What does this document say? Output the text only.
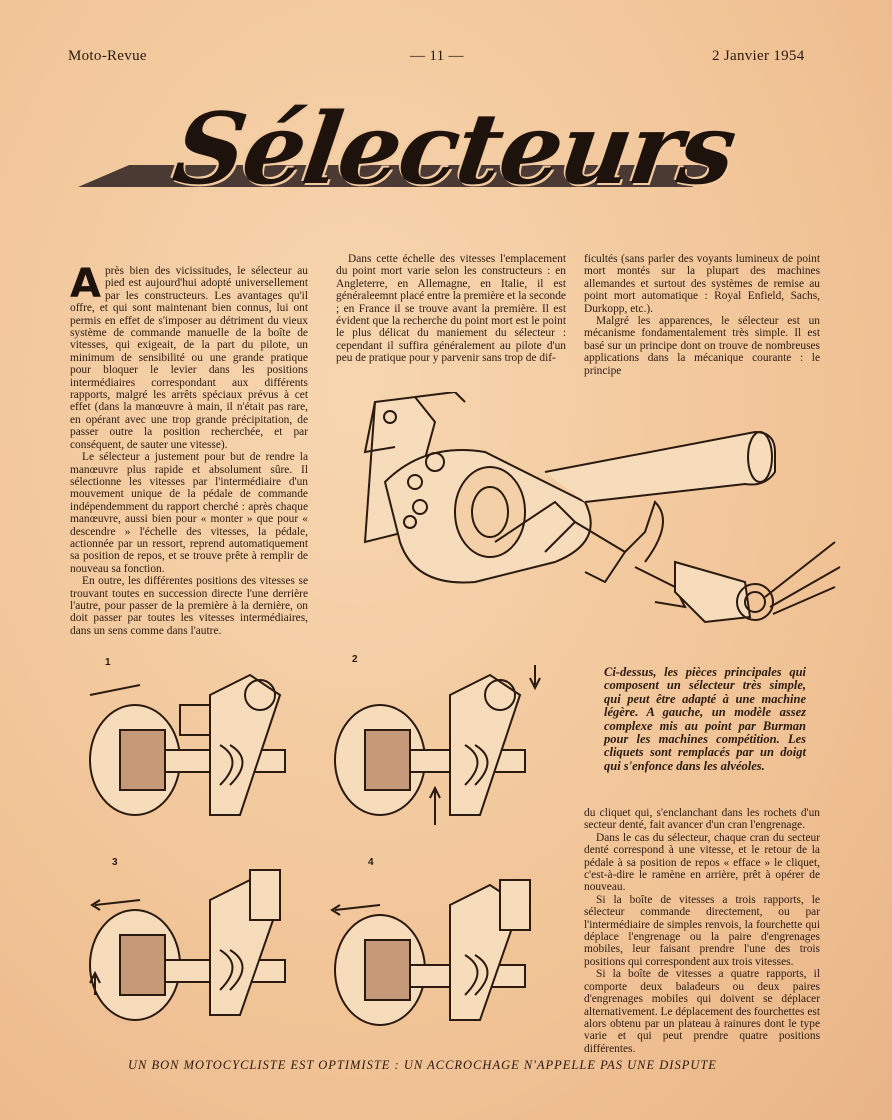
Moto-Revue	— 11 —	2 Janvier 1954
Sélecteurs

Après bien des vicissitudes, le sélecteur au pied est aujourd'hui adopté universellement par les constructeurs. Les avantages qu'il offre, et qui sont maintenant bien connus, lui ont permis en effet de s'imposer au détriment du vieux système de commande manuelle de la boîte de vitesses, qui exigeait, de la part du pilote, un minimum de sensibilité ou une grande pratique pour bloquer le levier dans les positions intermédiaires correspondant aux différents rapports, malgré les arrêts spéciaux prévus à cet effet (dans la manœuvre à main, il n'était pas rare, en opérant avec une trop grande précipitation, de passer outre la position recherchée, et par conséquent, de sauter une vitesse).

Le sélecteur a justement pour but de rendre la manœuvre plus rapide et absolument sûre. Il sélectionne les vitesses par l'intermédiaire d'un mouvement unique de la pédale de commande indépendemment du rapport cherché : après chaque manœuvre, aussi bien pour « monter » que pour « descendre » l'échelle des vitesses, la pédale, actionnée par un ressort, reprend automatiquement sa position de repos, et se trouve prête à remplir de nouveau sa fonction.

En outre, les différentes positions des vitesses se trouvant toutes en succession directe l'une derrière l'autre, pour passer de la première à la dernière, on doit passer par toutes les vitesses intermédiaires, dans un sens comme dans l'autre.

Dans cette échelle des vitesses l'emplacement du point mort varie selon les constructeurs : en Angleterre, en Allemagne, en Italie, il est généraleemnt placé entre la première et la seconde ; en France il se trouve avant la première. Il est évident que la recherche du point mort est le point le plus délicat du maniement du sélecteur : cependant il suffira généralement au pilote d'un peu de pratique pour y parvenir sans trop de dif-

ficultés (sans parler des voyants lumineux de point mort montés sur la plupart des machines allemandes et surtout des systèmes de remise au point mort automatique : Royal Enfield, Sachs, Durkopp, etc.).

Malgré les apparences, le sélecteur est un mécanisme fondamentalement très simple. Il est basé sur un principe dont on trouve de nombreuses applications dans la mécanique courante : le principe

Ci-dessus, les pièces principales qui composent un sélecteur très simple, qui peut être adapté à une machine légère. A gauche, un modèle assez complexe mis au point par Burman pour les machines compétition. Les cliquets sont remplacés par un doigt qui s'enfonce dans les alvéoles.
1	2
3	4

du cliquet qui, s'enclanchant dans les rochets d'un secteur denté, fait avancer d'un cran l'engrenage.

Dans le cas du sélecteur, chaque cran du secteur denté correspond à une vitesse, et le retour de la pédale à sa position de repos « efface » le cliquet, c'est-à-dire le ramène en arrière, prêt à opérer de nouveau.

Si la boîte de vitesses a trois rapports, le sélecteur commande directement, ou par l'intermédiaire de simples renvois, la fourchette qui déplace l'engrenage ou la paire d'engrenages mobiles, leur faisant prendre l'une des trois positions qui correspondent aux trois vitesses.

Si la boîte de vitesses a quatre rapports, il comporte deux baladeurs ou deux paires d'engrenages mobiles qui doivent se déplacer alternativement. Le déplacement des fourchettes est alors obtenu par un plateau à rainures dont le type varie et qui peut prendre quatre positions différentes.

UN BON MOTOCYCLISTE EST OPTIMISTE : UN ACCROCHAGE N'APPELLE PAS UNE DISPUTE
